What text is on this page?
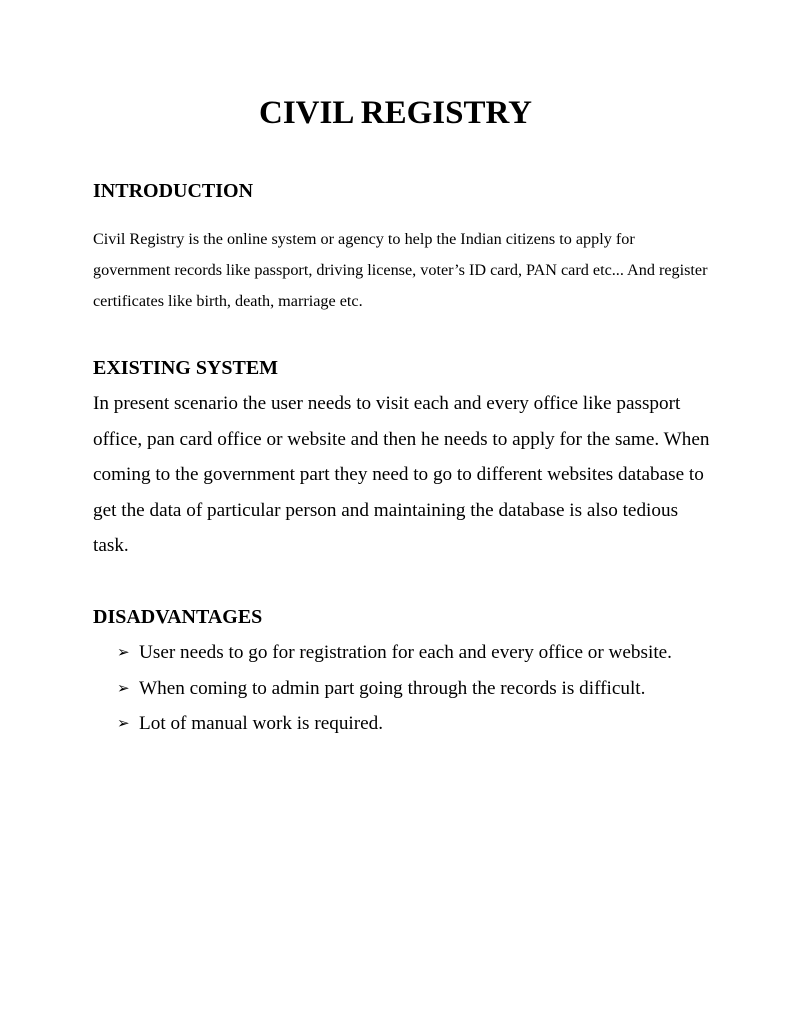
CIVIL REGISTRY
INTRODUCTION

Civil Registry is the online system or agency to help the Indian citizens to apply for government records like passport, driving license, voter’s ID card, PAN card etc... And register certificates like birth, death, marriage etc.

EXISTING SYSTEM

In present scenario the user needs to visit each and every office like passport office, pan card office or website and then he needs to apply for the same. When coming to the government part they need to go to different websites database to get the data of particular person and maintaining the database is also tedious task.

DISADVANTAGES
➢ User needs to go for registration for each and every office or website.
➢ When coming to admin part going through the records is difficult.
➢ Lot of manual work is required.
